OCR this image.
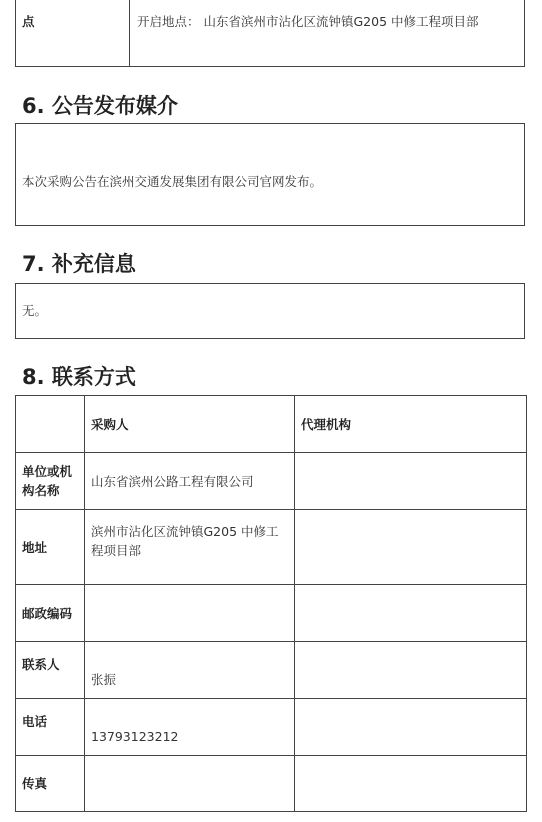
点	开启地点： 山东省滨州市沾化区流钟镇G205 中修工程项目部
6. 公告发布媒介
本次采购公告在滨州交通发展集团有限公司官网发布。
7. 补充信息
无。
8. 联系方式
	采购人	代理机构
单位或机构名称	山东省滨州公路工程有限公司	
地址	滨州市沾化区流钟镇G205 中修工程项目部	

邮政编码		

联系人	张振	

电话	13793123212	

传真		
